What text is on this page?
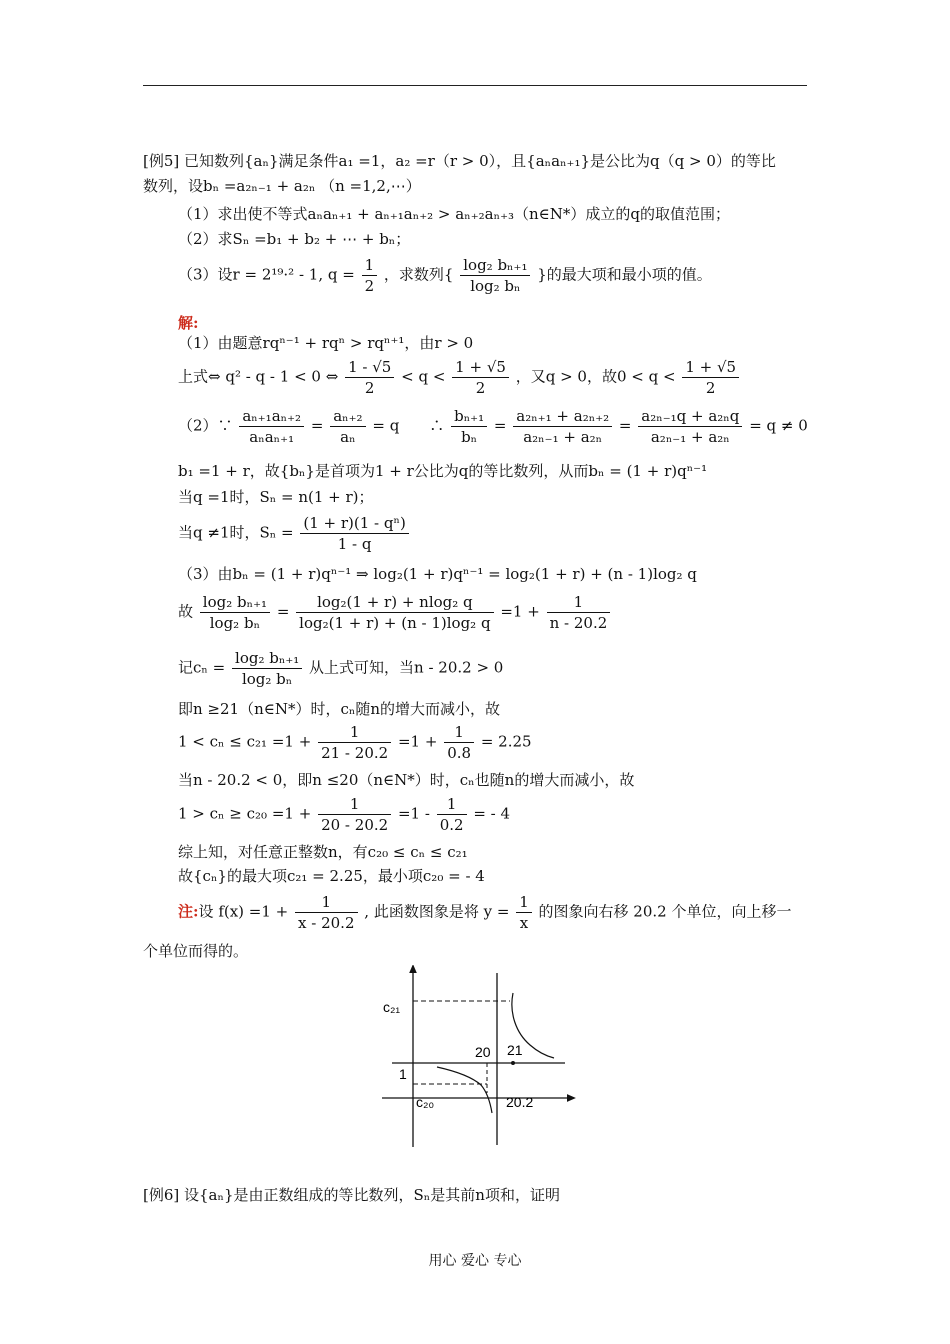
[例5] 已知数列{aₙ}满足条件a₁ =1，a₂ =r（r > 0），且{aₙaₙ₊₁}是公比为q（q > 0）的等比
数列，设bₙ =a₂ₙ₋₁ + a₂ₙ （n =1,2,⋯）
（1）求出使不等式aₙaₙ₊₁ + aₙ₊₁aₙ₊₂ > aₙ₊₂aₙ₊₃（n∈N*）成立的q的取值范围；
（2）求Sₙ =b₁ + b₂ + ⋯ + bₙ；
（3）设r = 2¹⁹·² - 1, $q = \frac{1}{2}$ ，求数列{ $\frac{\text{log₂ bₙ₊₁}}{\text{log₂ bₙ}}$ }的最大项和最小项的值。
解:
（1）由题意rqⁿ⁻¹ + rqⁿ > rqⁿ⁺¹，由r > 0
上式⇔ q² - q - 1 < 0 ⇔ $\frac{1 - √5}{2} < q < \frac{1 + √5}{2}$ ，又q > 0，故$0 < q < \frac{1 + √5}{2}$
（2）∵ $\frac{\text{aₙ₊₁aₙ₊₂}}{\text{aₙaₙ₊₁}} = \frac{\text{aₙ₊₂}}{\text{aₙ}} = q$　　∴ $\frac{\text{bₙ₊₁}}{\text{bₙ}} = \frac{\text{a₂ₙ₊₁ + a₂ₙ₊₂}}{\text{a₂ₙ₋₁ + a₂ₙ}} = \frac{\text{a₂ₙ₋₁q + a₂ₙq}}{\text{a₂ₙ₋₁ + a₂ₙ}} = q \ne 0$
b₁ =1 + r，故{bₙ}是首项为1 + r公比为q的等比数列，从而bₙ = (1 + r)qⁿ⁻¹
当q =1时，Sₙ = n(1 + r)；
当q ≠1时，$S_n = \frac{\text{(1 + r)(1 - qⁿ)}}{1 - q}$
（3）由bₙ = (1 + r)qⁿ⁻¹ ⇒ log₂(1 + r)qⁿ⁻¹ = log₂(1 + r) + (n - 1)log₂ q
故 $\frac{\text{log₂ bₙ₊₁}}{\text{log₂ bₙ}} = \frac{\text{log₂(1 + r) + nlog₂ q}}{\text{log₂(1 + r) + (n - 1)log₂ q}} =1 + \frac{1}{n - 20.2}$
记$c_n = \frac{\text{log₂ bₙ₊₁}}{\text{log₂ bₙ}}$ 从上式可知，当n - 20.2 > 0
即n ≥21（n∈N*）时，cₙ随n的增大而减小，故
$1 < c_n \le c_{21} =1 + \frac{1}{21 - 20.2} =1 + \frac{1}{0.8} = 2.25$
当n - 20.2 < 0，即n ≤20（n∈N*）时，cₙ也随n的增大而减小，故
$1 > c_n \ge c_{20} =1 + \frac{1}{20 - 20.2} =1 - \frac{1}{0.2}$ = - 4
综上知，对任意正整数n，有c₂₀ ≤ cₙ ≤ c₂₁
故{cₙ}的最大项c₂₁ = 2.25，最小项c₂₀ = - 4
注:设 $f(x) =1 + \frac{1}{x - 20.2}$ , 此函数图象是将 $y = \frac{1}{x}$ 的图象向右移 20.2 个单位，向上移一
个单位而得的。
c₂₁
c₂₀
1
20 21
20.2
[例6] 设{aₙ}是由正数组成的等比数列，Sₙ是其前n项和，证明
用心 爱心 专心
